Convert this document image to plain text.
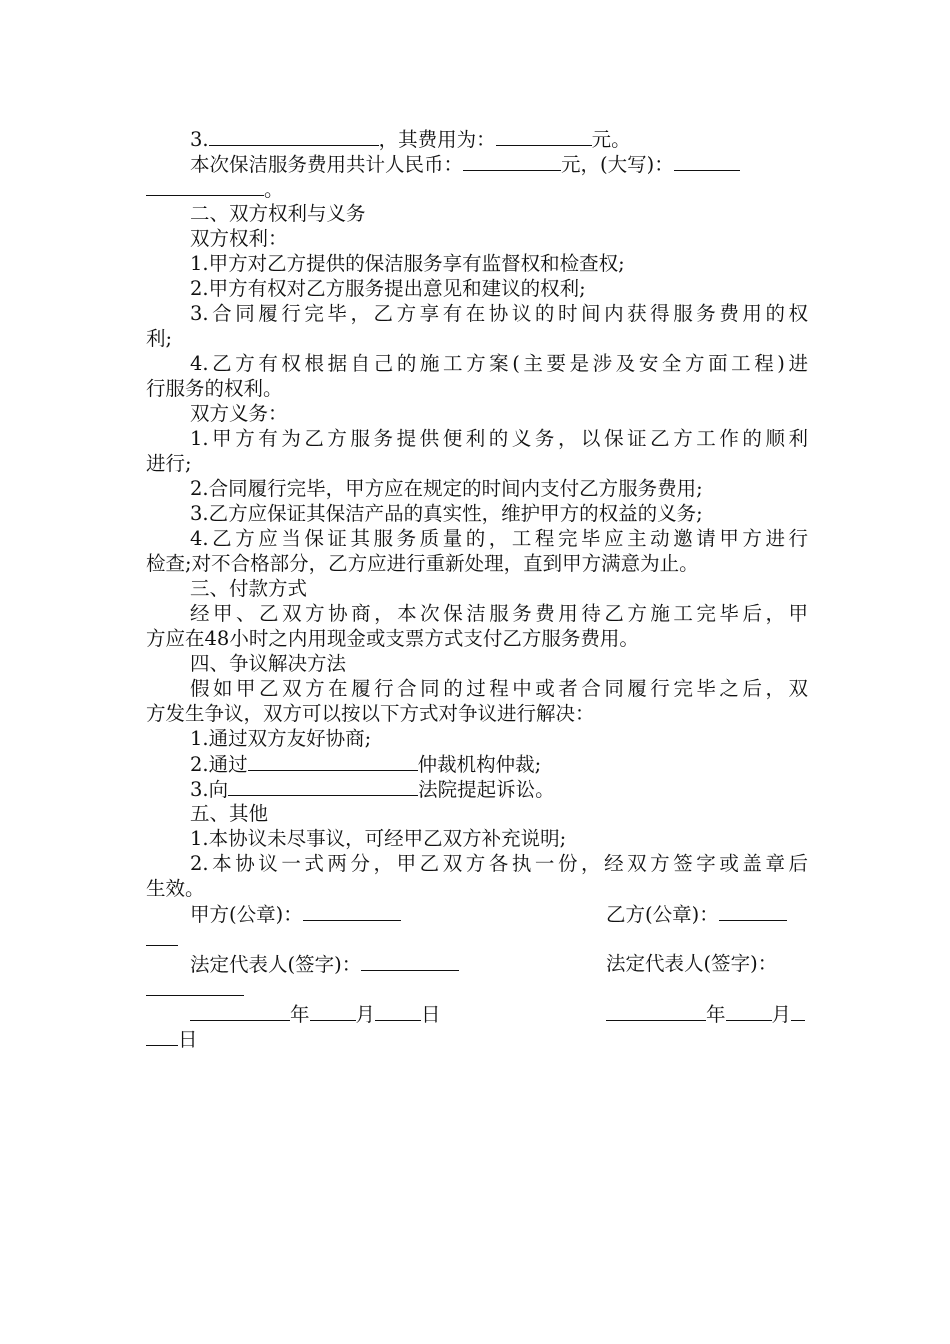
3.	，其费用为：	元。
本次保洁服务费用共计人民币：	元，(大写)：
。
二、双方权利与义务
双方权利：
1.甲方对乙方提供的保洁服务享有监督权和检查权;
2.甲方有权对乙方服务提出意见和建议的权利;
3.合同履行完毕，乙方享有在协议的时间内获得服务费用的权
利;
4.乙方有权根据自己的施工方案(主要是涉及安全方面工程)进
行服务的权利。
双方义务：
1.甲方有为乙方服务提供便利的义务，以保证乙方工作的顺利
进行;
2.合同履行完毕，甲方应在规定的时间内支付乙方服务费用;
3.乙方应保证其保洁产品的真实性，维护甲方的权益的义务;
4.乙方应当保证其服务质量的，工程完毕应主动邀请甲方进行
检查;对不合格部分，乙方应进行重新处理，直到甲方满意为止。
三、付款方式
经甲、乙双方协商，本次保洁服务费用待乙方施工完毕后，甲
方应在48小时之内用现金或支票方式支付乙方服务费用。
四、争议解决方法
假如甲乙双方在履行合同的过程中或者合同履行完毕之后，双
方发生争议，双方可以按以下方式对争议进行解决：
1.通过双方友好协商;
2.通过	仲裁机构仲裁;
3.向	法院提起诉讼。
五、其他
1.本协议未尽事议，可经甲乙双方补充说明;
2.本协议一式两分，甲乙双方各执一份，经双方签字或盖章后
生效。
甲方(公章)：	乙方(公章)：
法定代表人(签字)：	法定代表人(签字)：
年 月 日	年 月
日
